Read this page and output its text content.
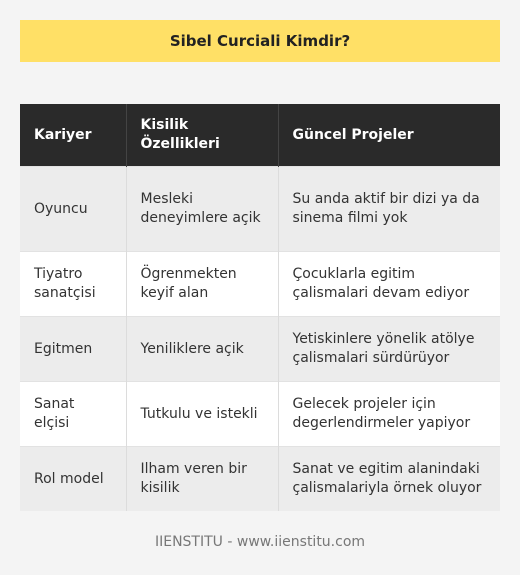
Sibel Curciali Kimdir?
Kariyer	Kisilik Özellikleri	Güncel Projeler
Oyuncu	Mesleki deneyimlere açik	Su anda aktif bir dizi ya da sinema filmi yok
Tiyatro sanatçisi	Ögrenmekten keyif alan	Çocuklarla egitim çalismalari devam ediyor
Egitmen	Yeniliklere açik	Yetiskinlere yönelik atölye çalismalari sürdürüyor
Sanat elçisi	Tutkulu ve istekli	Gelecek projeler için degerlendirmeler yapiyor
Rol model	Ilham veren bir kisilik	Sanat ve egitim alanindaki çalismalariyla örnek oluyor
IIENSTITU - www.iienstitu.com
